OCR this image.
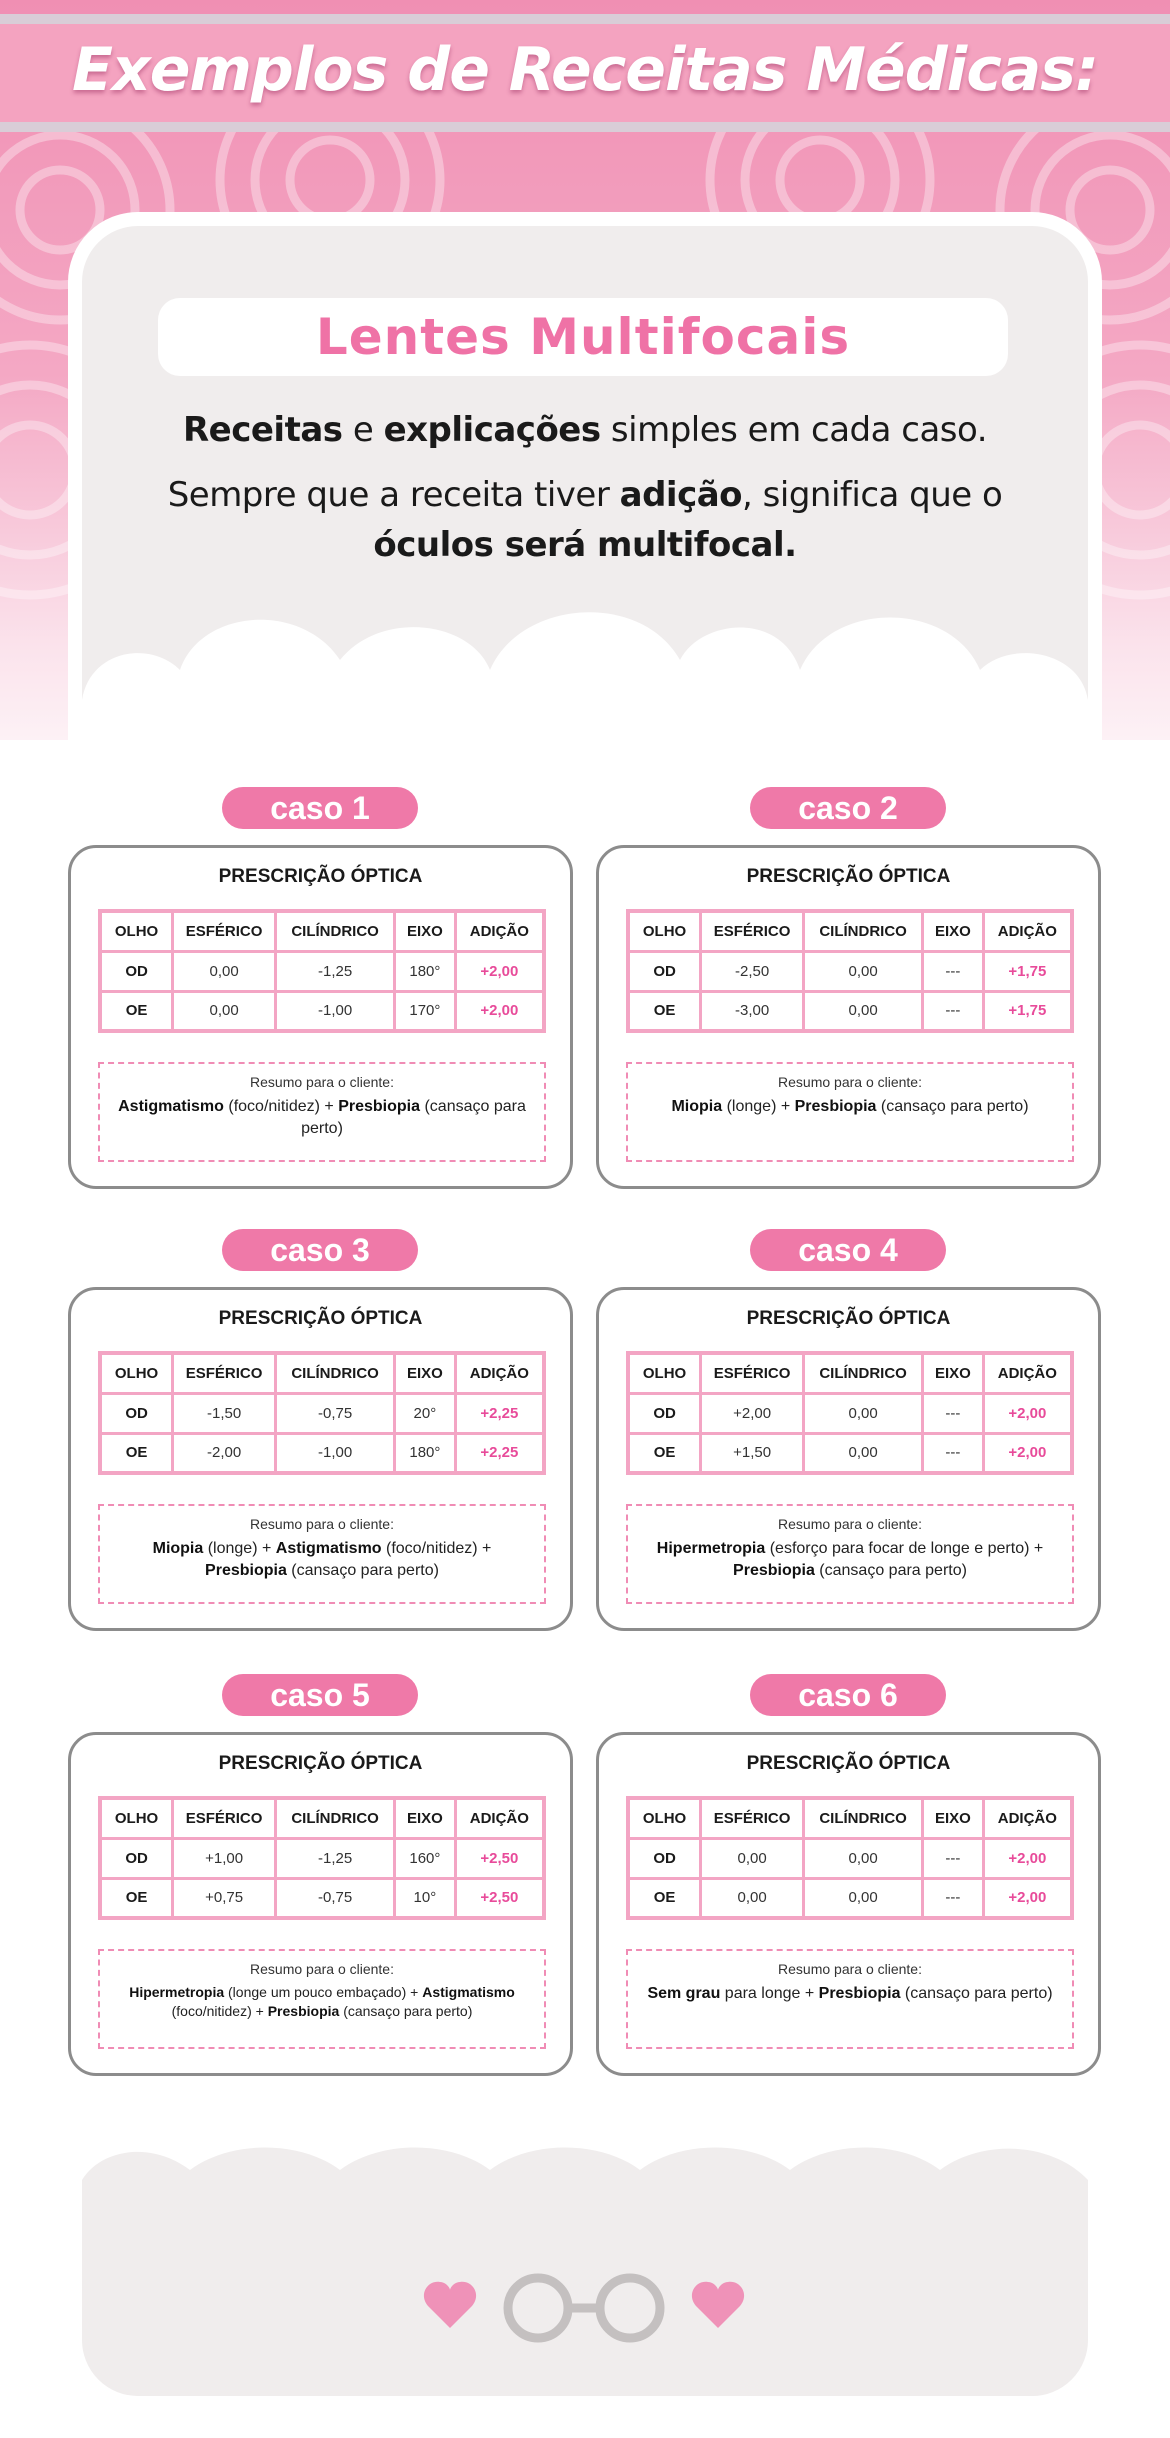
Exemplos de Receitas Médicas:
Lentes Multifocais
Receitas e explicações simples em cada caso.
Sempre que a receita tiver adição, significa que o
óculos será multifocal.
caso 1
PRESCRIÇÃO ÓPTICA
OLHO	ESFÉRICO	CILÍNDRICO	EIXO	ADIÇÃO
OD	0,00	-1,25	180°	+2,00
OE	0,00	-1,00	170°	+2,00
Resumo para o cliente:
Astigmatismo (foco/nitidez) + Presbiopia (cansaço para perto)
caso 2
PRESCRIÇÃO ÓPTICA
OLHO	ESFÉRICO	CILÍNDRICO	EIXO	ADIÇÃO
OD	-2,50	0,00	---	+1,75
OE	-3,00	0,00	---	+1,75
Resumo para o cliente:
Miopia (longe) + Presbiopia (cansaço para perto)
caso 3
PRESCRIÇÃO ÓPTICA
OLHO	ESFÉRICO	CILÍNDRICO	EIXO	ADIÇÃO
OD	-1,50	-0,75	20°	+2,25
OE	-2,00	-1,00	180°	+2,25
Resumo para o cliente:
Miopia (longe) + Astigmatismo (foco/nitidez) + Presbiopia (cansaço para perto)
caso 4
PRESCRIÇÃO ÓPTICA
OLHO	ESFÉRICO	CILÍNDRICO	EIXO	ADIÇÃO
OD	+2,00	0,00	---	+2,00
OE	+1,50	0,00	---	+2,00
Resumo para o cliente:
Hipermetropia (esforço para focar de longe e perto) + Presbiopia (cansaço para perto)
caso 5
PRESCRIÇÃO ÓPTICA
OLHO	ESFÉRICO	CILÍNDRICO	EIXO	ADIÇÃO
OD	+1,00	-1,25	160°	+2,50
OE	+0,75	-0,75	10°	+2,50
Resumo para o cliente:
Hipermetropia (longe um pouco embaçado) + Astigmatismo (foco/nitidez) + Presbiopia (cansaço para perto)
caso 6
PRESCRIÇÃO ÓPTICA
OLHO	ESFÉRICO	CILÍNDRICO	EIXO	ADIÇÃO
OD	0,00	0,00	---	+2,00
OE	0,00	0,00	---	+2,00
Resumo para o cliente:
Sem grau para longe + Presbiopia (cansaço para perto)
